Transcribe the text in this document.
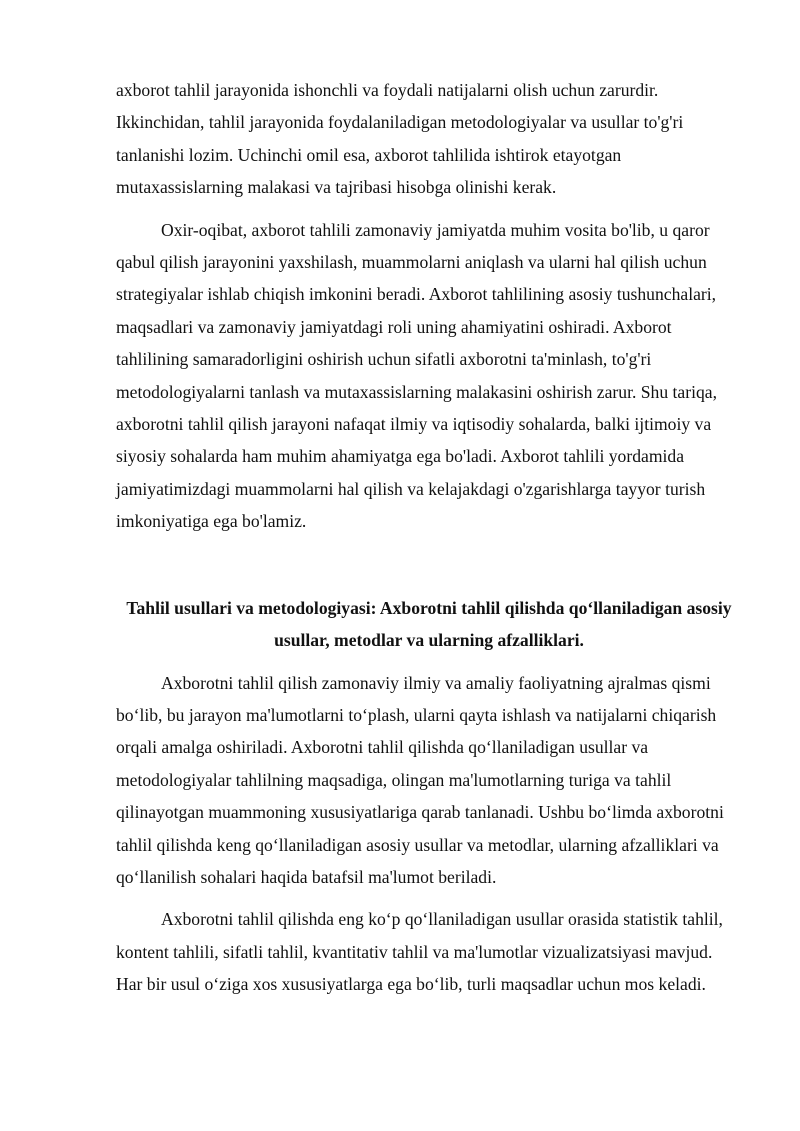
axborot tahlil jarayonida ishonchli va foydali natijalarni olish uchun zarurdir. Ikkinchidan, tahlil jarayonida foydalaniladigan metodologiyalar va usullar to'g'ri tanlanishi lozim. Uchinchi omil esa, axborot tahlilida ishtirok etayotgan mutaxassislarning malakasi va tajribasi hisobga olinishi kerak.

Oxir-oqibat, axborot tahlili zamonaviy jamiyatda muhim vosita bo'lib, u qaror qabul qilish jarayonini yaxshilash, muammolarni aniqlash va ularni hal qilish uchun strategiyalar ishlab chiqish imkonini beradi. Axborot tahlilining asosiy tushunchalari, maqsadlari va zamonaviy jamiyatdagi roli uning ahamiyatini oshiradi. Axborot tahlilining samaradorligini oshirish uchun sifatli axborotni ta'minlash, to'g'ri metodologiyalarni tanlash va mutaxassislarning malakasini oshirish zarur. Shu tariqa, axborotni tahlil qilish jarayoni nafaqat ilmiy va iqtisodiy sohalarda, balki ijtimoiy va siyosiy sohalarda ham muhim ahamiyatga ega bo'ladi. Axborot tahlili yordamida jamiyatimizdagi muammolarni hal qilish va kelajakdagi o'zgarishlarga tayyor turish imkoniyatiga ega bo'lamiz.

Tahlil usullari va metodologiyasi: Axborotni tahlil qilishda qo‘llaniladigan asosiy usullar, metodlar va ularning afzalliklari.

Axborotni tahlil qilish zamonaviy ilmiy va amaliy faoliyatning ajralmas qismi bo‘lib, bu jarayon ma'lumotlarni to‘plash, ularni qayta ishlash va natijalarni chiqarish orqali amalga oshiriladi. Axborotni tahlil qilishda qo‘llaniladigan usullar va metodologiyalar tahlilning maqsadiga, olingan ma'lumotlarning turiga va tahlil qilinayotgan muammoning xususiyatlariga qarab tanlanadi. Ushbu bo‘limda axborotni tahlil qilishda keng qo‘llaniladigan asosiy usullar va metodlar, ularning afzalliklari va qo‘llanilish sohalari haqida batafsil ma'lumot beriladi.

Axborotni tahlil qilishda eng ko‘p qo‘llaniladigan usullar orasida statistik tahlil, kontent tahlili, sifatli tahlil, kvantitativ tahlil va ma'lumotlar vizualizatsiyasi mavjud. Har bir usul o‘ziga xos xususiyatlarga ega bo‘lib, turli maqsadlar uchun mos keladi.
